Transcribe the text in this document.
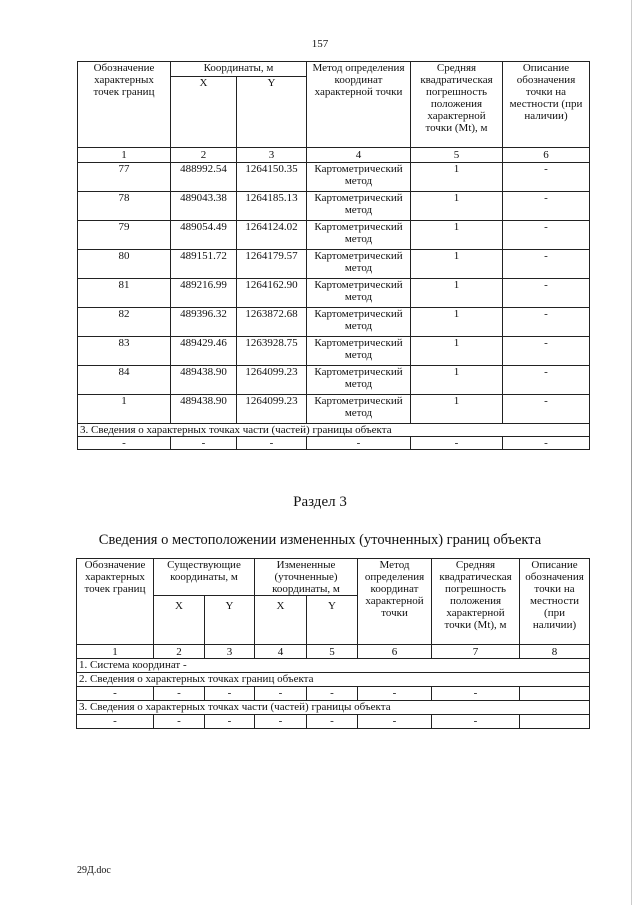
157
Обозначение характерных точек границ	Координаты, м		Метод определения координат характерной точки	Средняя квадратическая погрешность положения характерной точки (Mt), м	Описание обозначения точки на местности (при наличии)
	X	Y			
1	2	3	4	5	6
77	488992.54	1264150.35	Картометрический метод	1	-
78	489043.38	1264185.13	Картометрический метод	1	-
79	489054.49	1264124.02	Картометрический метод	1	-
80	489151.72	1264179.57	Картометрический метод	1	-
81	489216.99	1264162.90	Картометрический метод	1	-
82	489396.32	1263872.68	Картометрический метод	1	-
83	489429.46	1263928.75	Картометрический метод	1	-
84	489438.90	1264099.23	Картометрический метод	1	-
1	489438.90	1264099.23	Картометрический метод	1	-
3. Сведения о характерных точках части (частей) границы объекта					
-	-	-	-	-	-
Раздел 3
Сведения о местоположении измененных (уточненных) границ объекта
Обозначение характерных точек границ	Существующие координаты, м		Измененные (уточненные) координаты, м		Метод определения координат характерной точки	Средняя квадратическая погрешность положения характерной точки (Mt), м	Описание обозначения точки на местности (при наличии)
	X	Y	X	Y			
1	2	3	4	5	6	7	8
1. Система координат -							
2. Сведения о характерных точках границ объекта							
-	-	-	-	-	-	-	
3. Сведения о характерных точках части (частей) границы объекта							
-	-	-	-	-	-	-	
29Д.doc
